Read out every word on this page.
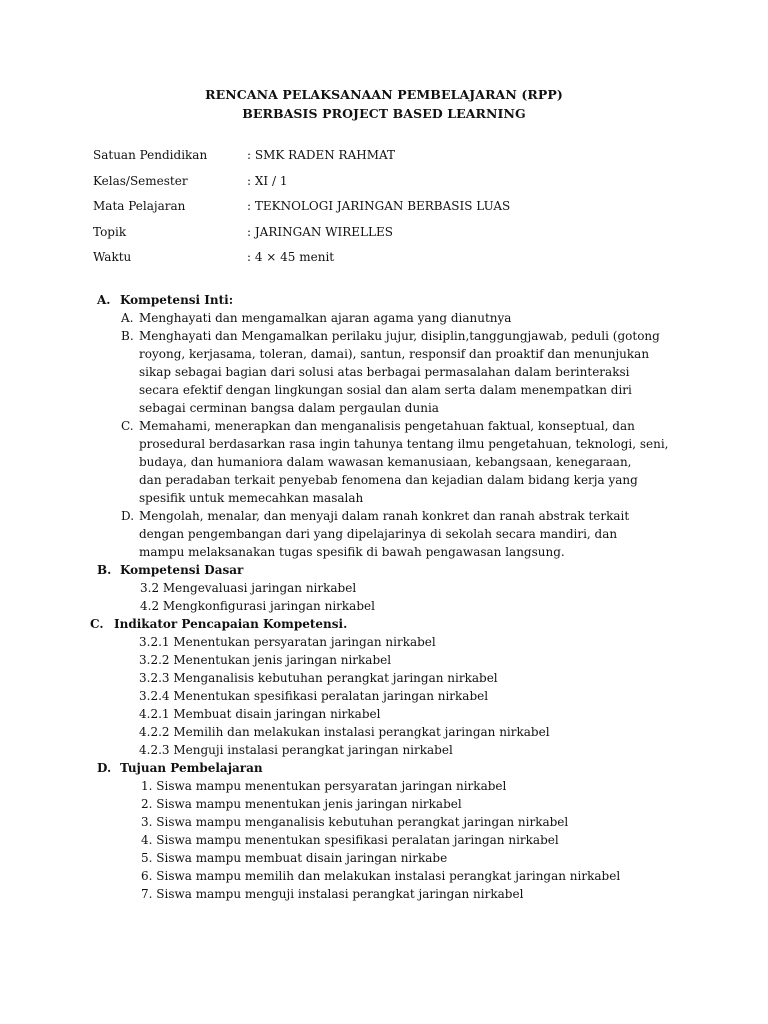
RENCANA PELAKSANAAN PEMBELAJARAN (RPP)
BERBASIS PROJECT BASED LEARNING
Satuan Pendidikan	: SMK RADEN RAHMAT
Kelas/Semester	: XI / 1
Mata Pelajaran	: TEKNOLOGI JARINGAN BERBASIS LUAS
Topik	: JARINGAN WIRELLES
Waktu	: 4 × 45 menit
A. Kompetensi Inti:
A. Menghayati dan mengamalkan ajaran agama yang dianutnya
B. Menghayati dan Mengamalkan perilaku jujur, disiplin,tanggungjawab, peduli (gotong
royong, kerjasama, toleran, damai), santun, responsif dan proaktif dan menunjukan
sikap sebagai bagian dari solusi atas berbagai permasalahan dalam berinteraksi
secara efektif dengan lingkungan sosial dan alam serta dalam menempatkan diri
sebagai cerminan bangsa dalam pergaulan dunia
C. Memahami, menerapkan dan menganalisis pengetahuan faktual, konseptual, dan
prosedural berdasarkan rasa ingin tahunya tentang ilmu pengetahuan, teknologi, seni,
budaya, dan humaniora dalam wawasan kemanusiaan, kebangsaan, kenegaraan,
dan peradaban terkait penyebab fenomena dan kejadian dalam bidang kerja yang
spesifik untuk memecahkan masalah
D. Mengolah, menalar, dan menyaji dalam ranah konkret dan ranah abstrak terkait
dengan pengembangan dari yang dipelajarinya di sekolah secara mandiri, dan
mampu melaksanakan tugas spesifik di bawah pengawasan langsung.
B. Kompetensi Dasar
3.2 Mengevaluasi jaringan nirkabel
4.2 Mengkonfigurasi jaringan nirkabel
C. Indikator Pencapaian Kompetensi.
3.2.1 Menentukan persyaratan jaringan nirkabel
3.2.2 Menentukan jenis jaringan nirkabel
3.2.3 Menganalisis kebutuhan perangkat jaringan nirkabel
3.2.4 Menentukan spesifikasi peralatan jaringan nirkabel
4.2.1 Membuat disain jaringan nirkabel
4.2.2 Memilih dan melakukan instalasi perangkat jaringan nirkabel
4.2.3 Menguji instalasi perangkat jaringan nirkabel
D. Tujuan Pembelajaran
1. Siswa mampu menentukan persyaratan jaringan nirkabel
2. Siswa mampu menentukan jenis jaringan nirkabel
3. Siswa mampu menganalisis kebutuhan perangkat jaringan nirkabel
4. Siswa mampu menentukan spesifikasi peralatan jaringan nirkabel
5. Siswa mampu membuat disain jaringan nirkabe
6. Siswa mampu memilih dan melakukan instalasi perangkat jaringan nirkabel
7. Siswa mampu menguji instalasi perangkat jaringan nirkabel
